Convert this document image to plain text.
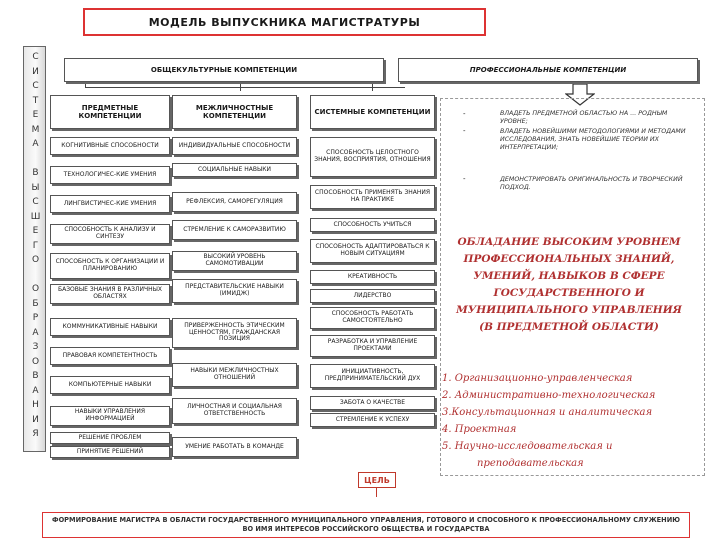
МОДЕЛЬ ВЫПУСКНИКА МАГИСТРАТУРЫ
С
И
С
Т
Е
М
А
В
Ы
С
Ш
Е
Г
О
О
Б
Р
А
З
О
В
А
Н
И
Я
ОБЩЕКУЛЬТУРНЫЕ КОМПЕТЕНЦИИ	ПРОФЕССИОНАЛЬНЫЕ КОМПЕТЕНЦИИ
ПРЕДМЕТНЫЕ КОМПЕТЕНЦИИ
МЕЖЛИЧНОСТНЫЕ КОМПЕТЕНЦИИ	СИСТЕМНЫЕ КОМПЕТЕНЦИИ
КОГНИТИВНЫЕ СПОСОБНОСТИ
ТЕХНОЛОГИЧЕС-КИЕ УМЕНИЯ
ЛИНГВИСТИЧЕС-КИЕ УМЕНИЯ
СПОСОБНОСТЬ К АНАЛИЗУ И СИНТЕЗУ
СПОСОБНОСТЬ К ОРГАНИЗАЦИИ И ПЛАНИРОВАНИЮ
БАЗОВЫЕ ЗНАНИЯ В РАЗЛИЧНЫХ ОБЛАСТЯХ
КОММУНИКАТИВНЫЕ НАВЫКИ
ПРАВОВАЯ КОМПЕТЕНТНОСТЬ
КОМПЬЮТЕРНЫЕ НАВЫКИ
НАВЫКИ УПРАВЛЕНИЯ ИНФОРМАЦИЕЙ
РЕШЕНИЕ ПРОБЛЕМ
ПРИНЯТИЕ РЕШЕНИЙ
ИНДИВИДУАЛЬНЫЕ СПОСОБНОСТИ
СОЦИАЛЬНЫЕ НАВЫКИ
РЕФЛЕКСИЯ, САМОРЕГУЛЯЦИЯ
СТРЕМЛЕНИЕ К САМОРАЗВИТИЮ
ВЫСОКИЙ УРОВЕНЬ САМОМОТИВАЦИИ
ПРЕДСТАВИТЕЛЬСКИЕ НАВЫКИ (ИМИДЖ)
ПРИВЕРЖЕННОСТЬ ЭТИЧЕСКИМ ЦЕННОСТЯМ, ГРАЖДАНСКАЯ ПОЗИЦИЯ
НАВЫКИ МЕЖЛИЧНОСТНЫХ ОТНОШЕНИЙ
ЛИЧНОСТНАЯ И СОЦИАЛЬНАЯ ОТВЕТСТВЕННОСТЬ
УМЕНИЕ РАБОТАТЬ В КОМАНДЕ
СПОСОБНОСТЬ ЦЕЛОСТНОГО ЗНАНИЯ, ВОСПРИЯТИЯ, ОТНОШЕНИЯ
СПОСОБНОСТЬ ПРИМЕНЯТЬ ЗНАНИЯ НА ПРАКТИКЕ
СПОСОБНОСТЬ УЧИТЬСЯ
СПОСОБНОСТЬ АДАПТИРОВАТЬСЯ К НОВЫМ СИТУАЦИЯМ
КРЕАТИВНОСТЬ
ЛИДЕРСТВО
СПОСОБНОСТЬ РАБОТАТЬ САМОСТОЯТЕЛЬНО
РАЗРАБОТКА И УПРАВЛЕНИЕ ПРОЕКТАМИ
ИНИЦИАТИВНОСТЬ, ПРЕДПРИНИМАТЕЛЬСКИЙ ДУХ
ЗАБОТА О КАЧЕСТВЕ
СТРЕМЛЕНИЕ К УСПЕХУ
-	ВЛАДЕТЬ ПРЕДМЕТНОЙ ОБЛАСТЬЮ НА ... РОДНЫМ УРОВНЕ;
-	ВЛАДЕТЬ НОВЕЙШИМИ МЕТОДОЛОГИЯМИ И МЕТОДАМИ ИССЛЕДОВАНИЯ, ЗНАТЬ НОВЕЙШИЕ ТЕОРИИ ИХ ИНТЕРПРЕТАЦИИ;
-	ДЕМОНСТРИРОВАТЬ ОРИГИНАЛЬНОСТЬ И ТВОРЧЕСКИЙ ПОДХОД.
ОБЛАДАНИЕ ВЫСОКИМ УРОВНЕМ ПРОФЕССИОНАЛЬНЫХ ЗНАНИЙ, УМЕНИЙ, НАВЫКОВ В СФЕРЕ ГОСУДАРСТВЕННОГО И МУНИЦИПАЛЬНОГО УПРАВЛЕНИЯ (В ПРЕДМЕТНОЙ ОБЛАСТИ)
1. Организационно-управленческая
2. Административно-технологическая
3.Консультационная и аналитическая
4. Проектная
5. Научно-исследовательская и
преподавательская
ЦЕЛЬ
ФОРМИРОВАНИЕ МАГИСТРА В ОБЛАСТИ ГОСУДАРСТВЕННОГО МУНИЦИПАЛЬНОГО УПРАВЛЕНИЯ, ГОТОВОГО И СПОСОБНОГО К ПРОФЕССИОНАЛЬНОМУ СЛУЖЕНИЮ ВО ИМЯ ИНТЕРЕСОВ РОССИЙСКОГО ОБЩЕСТВА И ГОСУДАРСТВА
